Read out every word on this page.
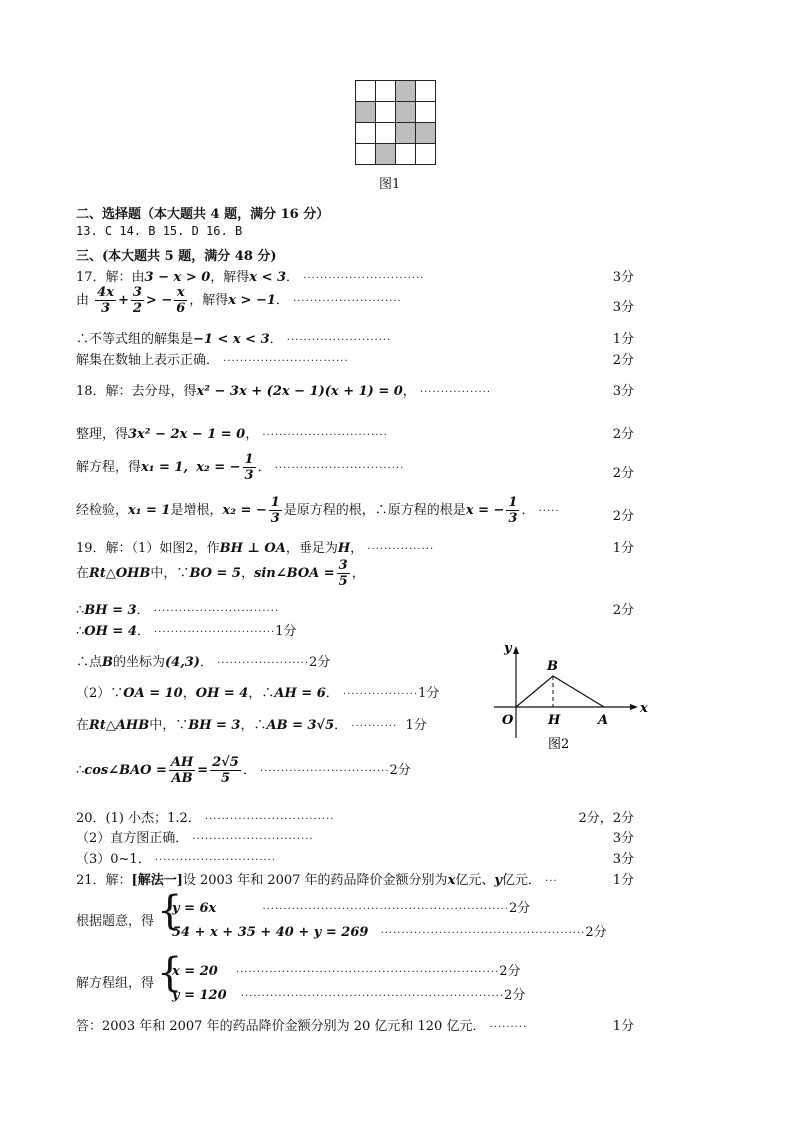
图1
二、选择题（本大题共 4 题，满分 16 分）
13. C 14. B 15. D 16. B
三、(本大题共 5 题，满分 48 分)
17．解：由3 − x > 0，解得x < 3． ·····························	3分
由 $\frac{4x}{3} + \frac{3}{2}$ > − $\frac{x}{6}$ ，解得x > −1． ··························	3分
∴不等式组的解集是−1 < x < 3． ·························	1分
解集在数轴上表示正确． ······························	2分
18．解：去分母，得x² − 3x + (2x − 1)(x + 1) = 0， ·················	3分
整理，得3x² − 2x − 1 = 0， ······························	2分
解方程，得x₁ = 1, x₂ = − $\frac{1}{3}$ ． ·······························	2分
经检验，x₁ = 1是增根，x₂ = − $\frac{1}{3}$ 是原方程的根，∴原方程的根是x = − $\frac{1}{3}$ ． ·····	2分
19．解：（1）如图2，作BH ⊥ OA，垂足为H， ················	1分
在Rt△OHB中，∵BO = 5，sin∠BOA = $\frac{3}{5}$ ，
∴BH = 3． ······························	2分
∴OH = 4． ·····························1分
∴点B的坐标为(4,3)． ······················2分
（2）∵OA = 10，OH = 4，∴AH = 6． ··················1分
在Rt△AHB中，∵BH = 3，∴AB = 3√5． ··········· 1分
∴cos∠BAO = $\frac{AH}{AB} = \frac{2√5}{5}$ ． ·······························2分
y
x
O	H	A
B
图2
20．(1) 小杰；1.2． ·······························	2分，2分
（2）直方图正确． ·····························	3分
（3）0~1． ·····························	3分
21．解：[解法一]设 2003 年和 2007 年的药品降价金额分别为x亿元、y亿元． ···	1分
根据题意，得 {
y = 6x	···························································2分
54 + x + 35 + 40 + y = 269 ·················································2分
解方程组，得 {
x = 20 ·······························································2分
y = 120 ·······························································2分
答：2003 年和 2007 年的药品降价金额分别为 20 亿元和 120 亿元． ·········	1分
